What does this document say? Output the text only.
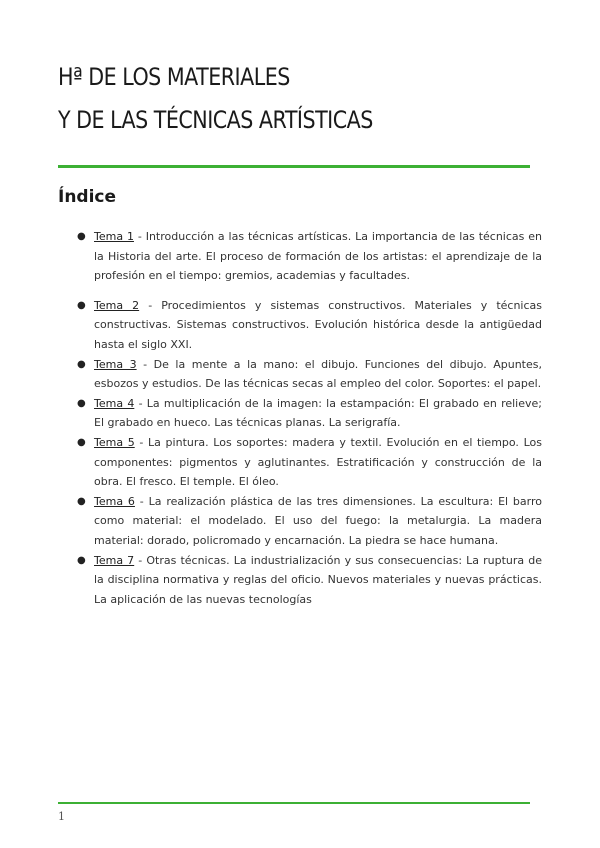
Hª DE LOS MATERIALES
Y DE LAS TÉCNICAS ARTÍSTICAS
Índice
● Tema 1 - Introducción a las técnicas artísticas. La importancia de las técnicas en la Historia del arte. El proceso de formación de los artistas: el aprendizaje de la profesión en el tiempo: gremios, academias y facultades.
● Tema 2 - Procedimientos y sistemas constructivos. Materiales y técnicas constructivas. Sistemas constructivos. Evolución histórica desde la antigüedad hasta el siglo XXI.
● Tema 3 - De la mente a la mano: el dibujo. Funciones del dibujo. Apuntes, esbozos y estudios. De las técnicas secas al empleo del color. Soportes: el papel.
● Tema 4 - La multiplicación de la imagen: la estampación: El grabado en relieve; El grabado en hueco. Las técnicas planas. La serigrafía.
● Tema 5 - La pintura. Los soportes: madera y textil. Evolución en el tiempo. Los componentes: pigmentos y aglutinantes. Estratificación y construcción de la obra. El fresco. El temple. El óleo.
● Tema 6 - La realización plástica de las tres dimensiones. La escultura: El barro como material: el modelado. El uso del fuego: la metalurgia. La madera material: dorado, policromado y encarnación. La piedra se hace humana.
● Tema 7 - Otras técnicas. La industrialización y sus consecuencias: La ruptura de la disciplina normativa y reglas del oficio. Nuevos materiales y nuevas prácticas. La aplicación de las nuevas tecnologías
1
